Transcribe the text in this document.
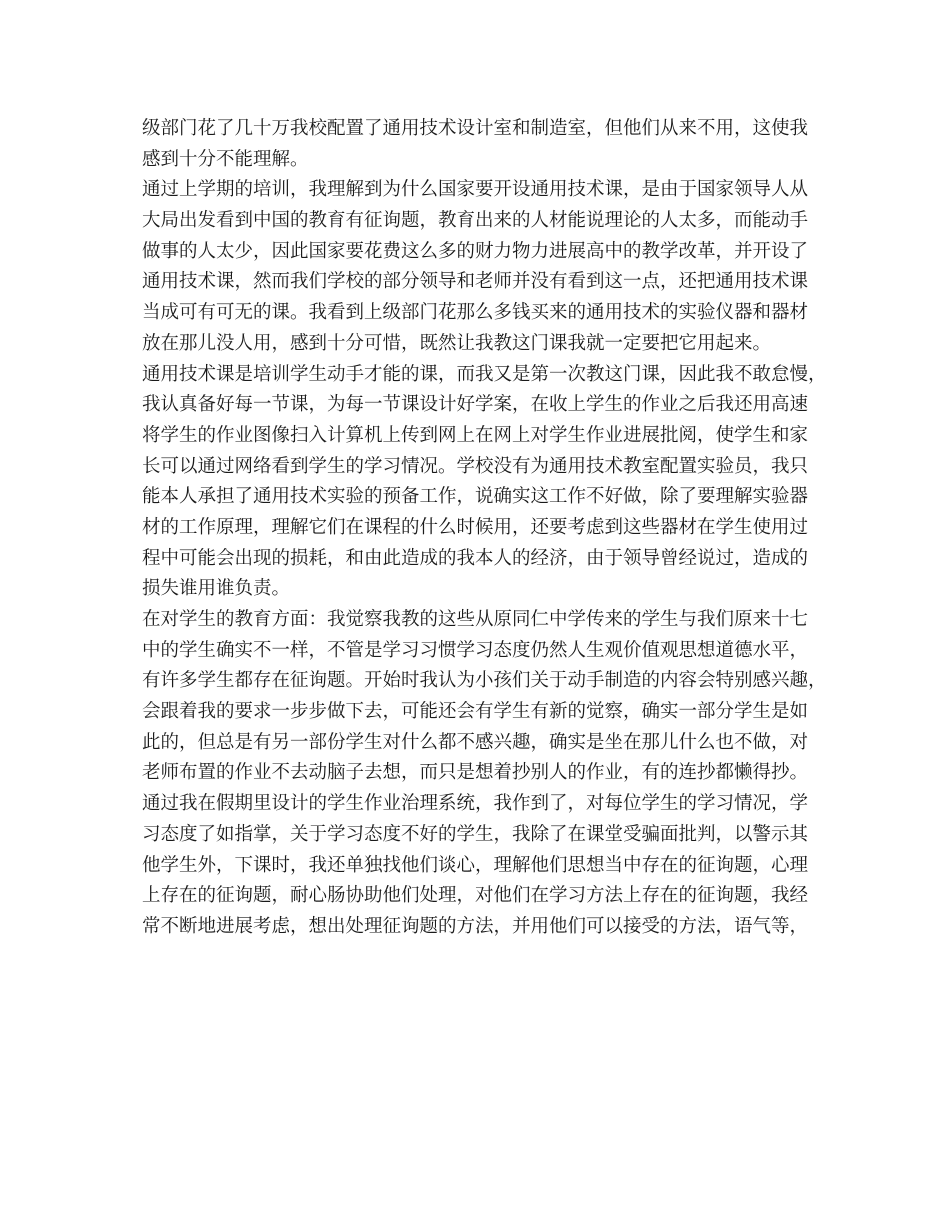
级部门花了几十万我校配置了通用技术设计室和制造室，但他们从来不用，这使我
感到十分不能理解。
通过上学期的培训，我理解到为什么国家要开设通用技术课，是由于国家领导人从
大局出发看到中国的教育有征询题，教育出来的人材能说理论的人太多，而能动手
做事的人太少，因此国家要花费这么多的财力物力进展高中的教学改革，并开设了
通用技术课，然而我们学校的部分领导和老师并没有看到这一点，还把通用技术课
当成可有可无的课。我看到上级部门花那么多钱买来的通用技术的实验仪器和器材
放在那儿没人用，感到十分可惜，既然让我教这门课我就一定要把它用起来。
通用技术课是培训学生动手才能的课，而我又是第一次教这门课，因此我不敢怠慢，
我认真备好每一节课，为每一节课设计好学案，在收上学生的作业之后我还用高速
将学生的作业图像扫入计算机上传到网上在网上对学生作业进展批阅，使学生和家
长可以通过网络看到学生的学习情况。学校没有为通用技术教室配置实验员，我只
能本人承担了通用技术实验的预备工作，说确实这工作不好做，除了要理解实验器
材的工作原理，理解它们在课程的什么时候用，还要考虑到这些器材在学生使用过
程中可能会出现的损耗，和由此造成的我本人的经济，由于领导曾经说过，造成的
损失谁用谁负责。
在对学生的教育方面：我觉察我教的这些从原同仁中学传来的学生与我们原来十七
中的学生确实不一样，不管是学习习惯学习态度仍然人生观价值观思想道德水平，
有许多学生都存在征询题。开始时我认为小孩们关于动手制造的内容会特别感兴趣，
会跟着我的要求一步步做下去，可能还会有学生有新的觉察，确实一部分学生是如
此的，但总是有另一部份学生对什么都不感兴趣，确实是坐在那儿什么也不做，对
老师布置的作业不去动脑子去想，而只是想着抄别人的作业，有的连抄都懒得抄。
通过我在假期里设计的学生作业治理系统，我作到了，对每位学生的学习情况，学
习态度了如指掌，关于学习态度不好的学生，我除了在课堂受骗面批判，以警示其
他学生外，下课时，我还单独找他们谈心，理解他们思想当中存在的征询题，心理
上存在的征询题，耐心肠协助他们处理，对他们在学习方法上存在的征询题，我经
常不断地进展考虑，想出处理征询题的方法，并用他们可以接受的方法，语气等，
